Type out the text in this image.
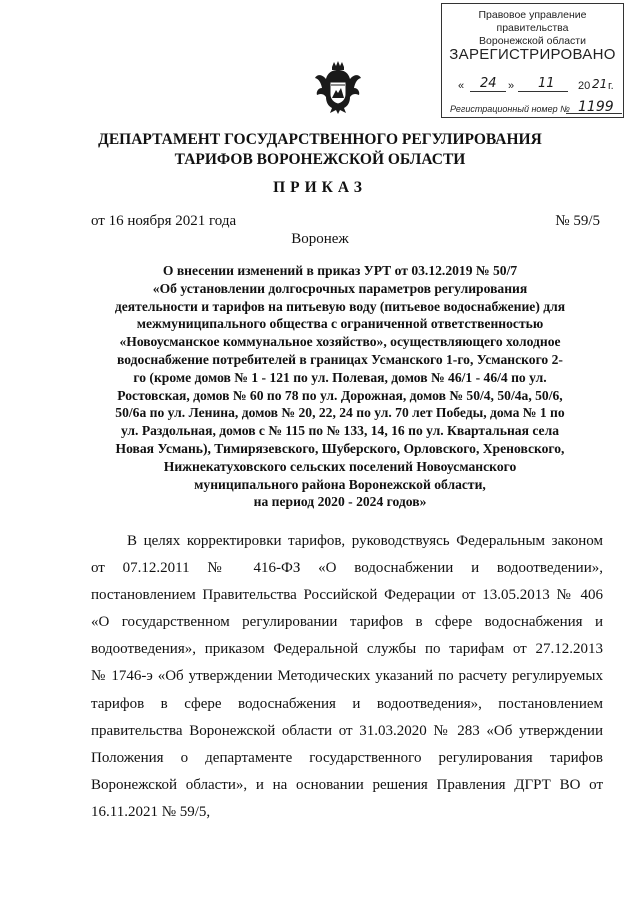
Правовое управление правительства
Воронежской области
ЗАРЕГИСТРИРОВАНО
« 24 » 11 20 21 г.
Регистрационный номер № 1199
ДЕПАРТАМЕНТ ГОСУДАРСТВЕННОГО РЕГУЛИРОВАНИЯ
ТАРИФОВ ВОРОНЕЖСКОЙ ОБЛАСТИ
ПРИКАЗ
от 16 ноября 2021 года	№ 59/5
Воронеж
О внесении изменений в приказ УРТ от 03.12.2019 № 50/7
«Об установлении долгосрочных параметров регулирования
деятельности и тарифов на питьевую воду (питьевое водоснабжение) для
межмуниципального общества с ограниченной ответственностью
«Новоусманское коммунальное хозяйство», осуществляющего холодное
водоснабжение потребителей в границах Усманского 1-го, Усманского 2-
го (кроме домов № 1 - 121 по ул. Полевая, домов № 46/1 - 46/4 по ул.
Ростовская, домов № 60 по 78 по ул. Дорожная, домов № 50/4, 50/4а, 50/6,
50/6а по ул. Ленина, домов № 20, 22, 24 по ул. 70 лет Победы, дома № 1 по
ул. Раздольная, домов с № 115 по № 133, 14, 16 по ул. Квартальная села
Новая Усмань), Тимирязевского, Шуберского, Орловского, Хреновского,
Нижнекатуховского сельских поселений Новоусманского
муниципального района Воронежской области,
на период 2020 - 2024 годов»
В целях корректировки тарифов, руководствуясь Федеральным законом
от 07.12.2011 № 416-ФЗ «О водоснабжении и водоотведении»,
постановлением Правительства Российской Федерации от 13.05.2013 № 406
«О государственном регулировании тарифов в сфере водоснабжения и
водоотведения», приказом Федеральной службы по тарифам от 27.12.2013
№ 1746-э «Об утверждении Методических указаний по расчету регулируемых
тарифов в сфере водоснабжения и водоотведения», постановлением
правительства Воронежской области от 31.03.2020 № 283 «Об утверждении
Положения о департаменте государственного регулирования тарифов
Воронежской области», и на основании решения Правления ДГРТ ВО от
16.11.2021 № 59/5,
